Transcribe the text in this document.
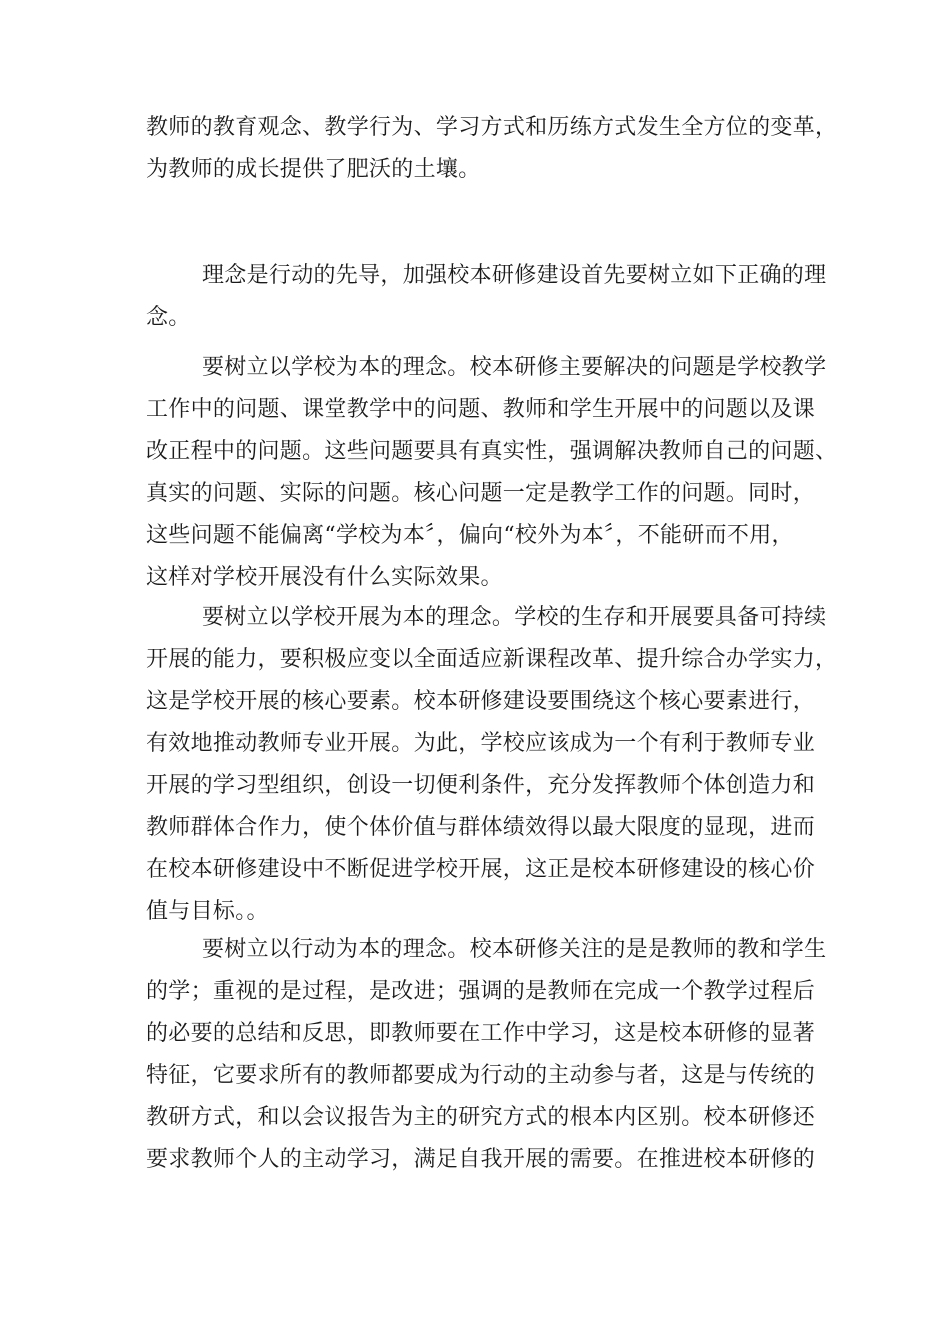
教师的教育观念、教学行为、学习方式和历练方式发生全方位的变革，
为教师的成长提供了肥沃的土壤。

理念是行动的先导，加强校本研修建设首先要树立如下正确的理
念。

要树立以学校为本的理念。校本研修主要解决的问题是学校教学
工作中的问题、课堂教学中的问题、教师和学生开展中的问题以及课
改正程中的问题。这些问题要具有真实性，强调解决教师自己的问题、
真实的问题、实际的问题。核心问题一定是教学工作的问题。同时，
这些问题不能偏离“学校为本〞，偏向“校外为本〞，不能研而不用，
这样对学校开展没有什么实际效果。

要树立以学校开展为本的理念。学校的生存和开展要具备可持续
开展的能力，要积极应变以全面适应新课程改革、提升综合办学实力，
这是学校开展的核心要素。校本研修建设要围绕这个核心要素进行，
有效地推动教师专业开展。为此，学校应该成为一个有利于教师专业
开展的学习型组织，创设一切便利条件，充分发挥教师个体创造力和
教师群体合作力，使个体价值与群体绩效得以最大限度的显现，进而
在校本研修建设中不断促进学校开展，这正是校本研修建设的核心价
值与目标。。

要树立以行动为本的理念。校本研修关注的是是教师的教和学生
的学；重视的是过程，是改进；强调的是教师在完成一个教学过程后
的必要的总结和反思，即教师要在工作中学习，这是校本研修的显著
特征，它要求所有的教师都要成为行动的主动参与者，这是与传统的
教研方式，和以会议报告为主的研究方式的根本内区别。校本研修还
要求教师个人的主动学习，满足自我开展的需要。在推进校本研修的
